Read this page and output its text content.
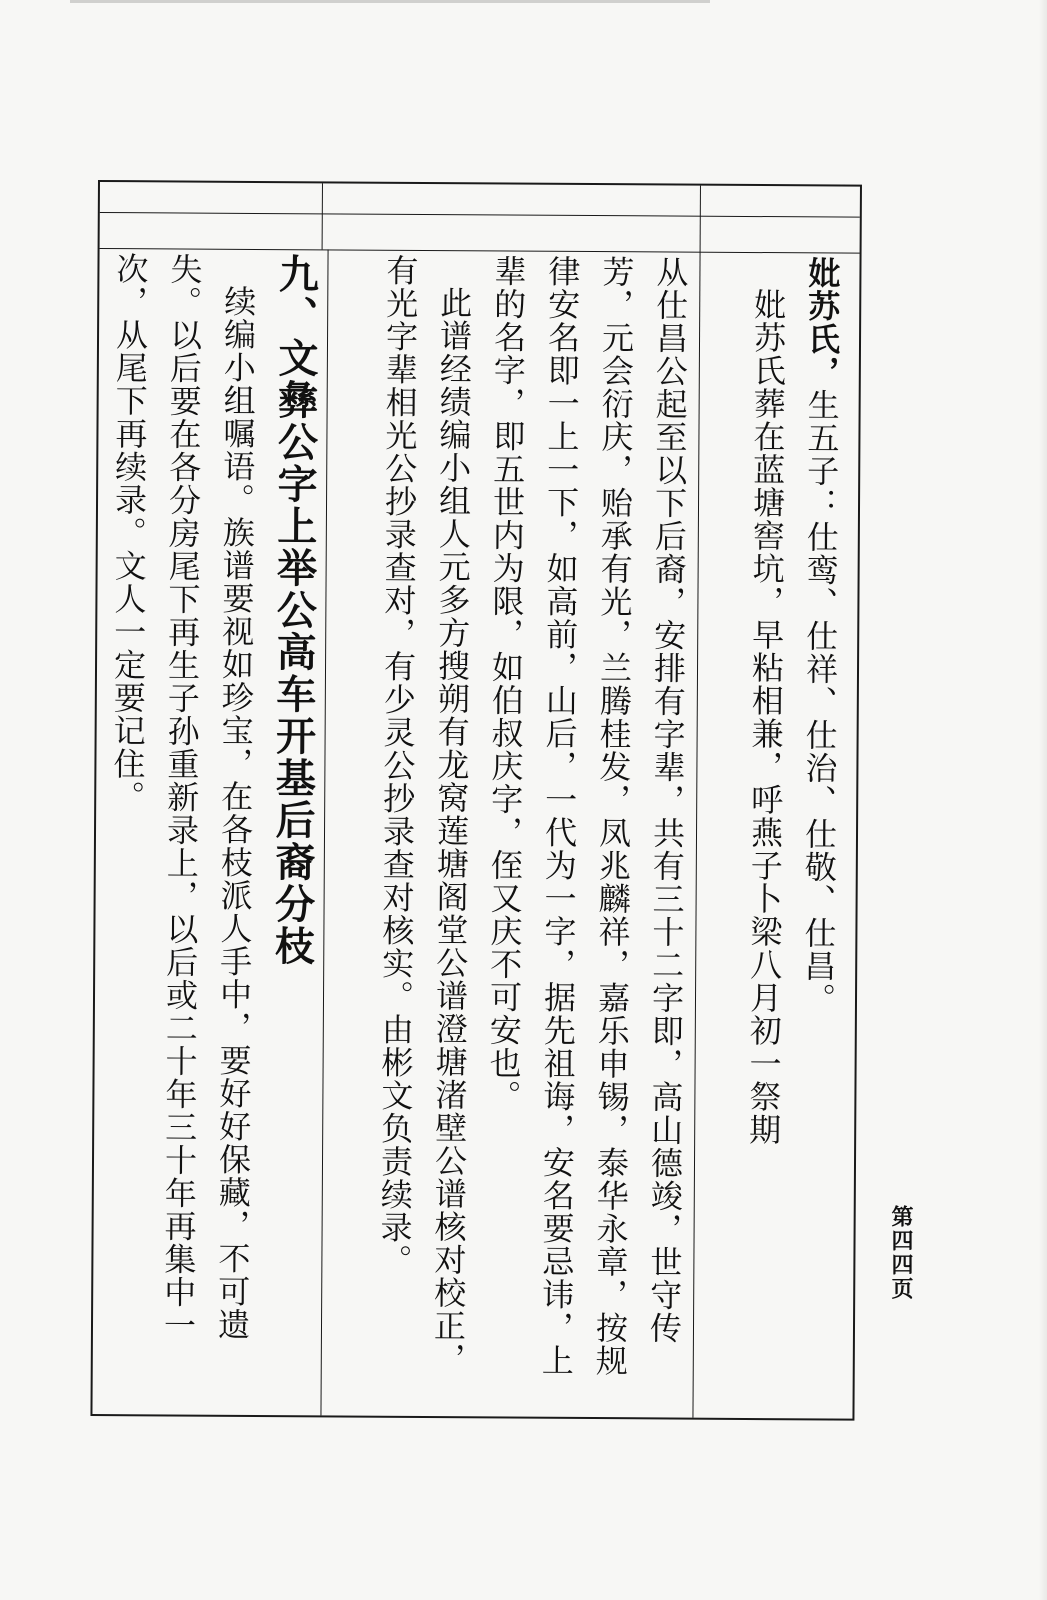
妣苏氏，生五子：仕鸾、仕祥、仕治、仕敬、仕昌。

妣苏氏葬在蓝塘窖坑，早粘相兼，呼燕子卜梁八月初一祭期

从仕昌公起至以下后裔，安排有字辈，共有三十二字即，高山德竣，世守传芳，元会衍庆，贻承有光，兰腾桂发，凤兆麟祥，嘉乐申锡，泰华永章，按规律安名即一上一下，如高前，山后，一代为一字，据先祖诲，安名要忌讳，上辈的名字，即五世内为限，如伯叔庆字，侄又庆不可安也。

此谱经绩编小组人元多方搜朔有龙窝莲塘阁堂公谱澄塘渚壁公谱核对校正，有光字辈相光公抄录查对，有少灵公抄录查对核实。由彬文负责续录。

九、文彝公字上举公高车开基后裔分枝

续编小组嘱语。族谱要视如珍宝，在各枝派人手中，要好好保藏，不可遗失。以后要在各分房尾下再生子孙重新录上，以后或二十年三十年再集中一次，从尾下再续录。文人一定要记住。

第四四页
